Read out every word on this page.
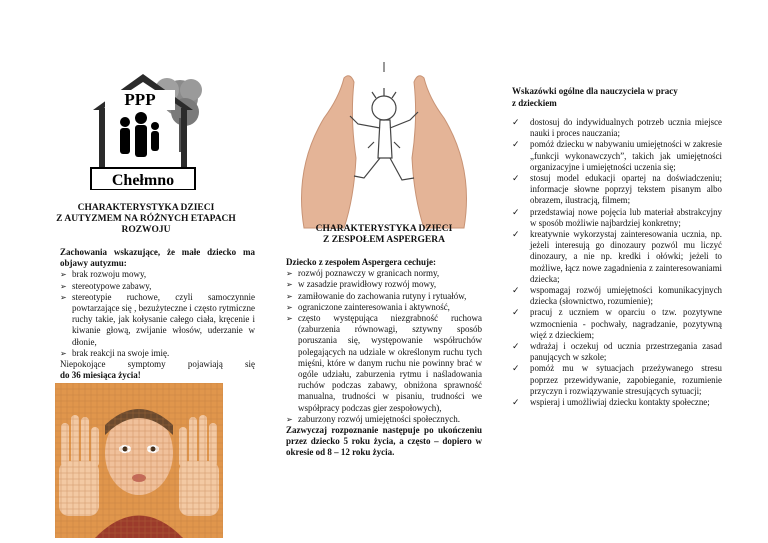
PPP
Chełmno
CHARAKTERYSTYKA DZIECI
Z AUTYZMEM NA RÓŻNYCH ETAPACH
ROZWOJU
Zachowania wskazujące, że małe dziecko ma objawy autyzmu:
➢ brak rozwoju mowy,
➢ stereotypowe zabawy,
➢ stereotypie ruchowe, czyli samoczynnie powtarzające się , bezużyteczne i często rytmiczne ruchy takie, jak kołysanie całego ciała, kręcenie i kiwanie głową, zwijanie włosów, uderzanie w dłonie,
➢ brak reakcji na swoje imię.
Niepokojące symptomy pojawiają się
do 36 miesiąca życia!
CHARAKTERYSTYKA DZIECI
Z ZESPOŁEM ASPERGERA
Dziecko z zespołem Aspergera cechuje:
➢ rozwój poznawczy w granicach normy,
➢ w zasadzie prawidłowy rozwój mowy,
➢ zamiłowanie do zachowania rutyny i rytuałów,
➢ ograniczone zainteresowania i aktywność,
➢ często występująca niezgrabność ruchowa (zaburzenia równowagi, sztywny sposób poruszania się, występowanie współruchów polegających na udziale w określonym ruchu tych mięśni, które w danym ruchu nie powinny brać w ogóle udziału, zaburzenia rytmu i naśladowania ruchów podczas zabawy, obniżona sprawność manualna, trudności w pisaniu, trudności we współpracy podczas gier zespołowych),
➢ zaburzony rozwój umiejętności społecznych.
Zazwyczaj rozpoznanie następuje po ukończeniu przez dziecko 5 roku życia, a często – dopiero w okresie od 8 – 12 roku życia.
Wskazówki ogólne dla nauczyciela w pracy
z dzieckiem
✓ dostosuj do indywidualnych potrzeb ucznia miejsce nauki i proces nauczania;
✓ pomóż dziecku w nabywaniu umiejętności w zakresie „funkcji wykonawczych”, takich jak umiejętności organizacyjne i umiejętności uczenia się;
✓ stosuj model edukacji opartej na doświadczeniu; informacje słowne poprzyj tekstem pisanym albo obrazem, ilustracją, filmem;
✓ przedstawiaj nowe pojęcia lub materiał abstrakcyjny w sposób możliwie najbardziej konkretny;
✓ kreatywnie wykorzystaj zainteresowania ucznia, np. jeżeli interesują go dinozaury pozwól mu liczyć dinozaury, a nie np. kredki i ołówki; jeżeli to możliwe, łącz nowe zagadnienia z zainteresowaniami dziecka;
✓ wspomagaj rozwój umiejętności komunikacyjnych dziecka (słownictwo, rozumienie);
✓ pracuj z uczniem w oparciu o tzw. pozytywne wzmocnienia - pochwały, nagradzanie, pozytywną więź z dzieckiem;
✓ wdrażaj i oczekuj od ucznia przestrzegania zasad panujących w szkole;
✓ pomóż mu w sytuacjach przeżywanego stresu poprzez przewidywanie, zapobieganie, rozumienie przyczyn i rozwiązywanie stresujących sytuacji;
✓ wspieraj i umożliwiaj dziecku kontakty społeczne;
